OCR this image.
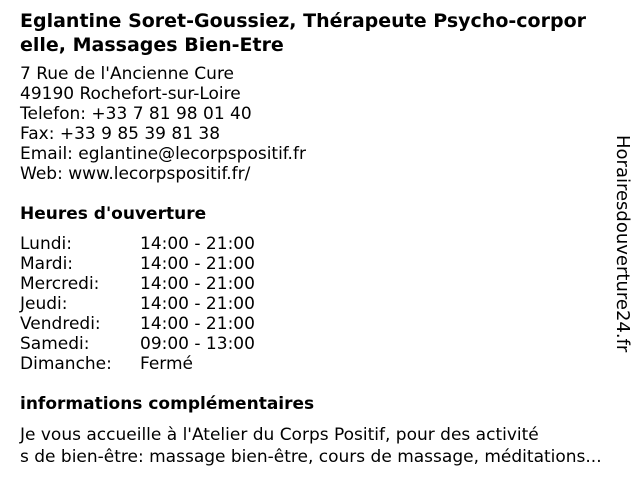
Eglantine Soret-Goussiez, Thérapeute Psycho-corpor
elle, Massages Bien-Etre
7 Rue de l'Ancienne Cure
49190 Rochefort-sur-Loire
Telefon: +33 7 81 98 01 40
Fax: +33 9 85 39 81 38
Email: eglantine@lecorpspositif.fr
Web: www.lecorpspositif.fr/
Heures d'ouverture
Lundi:	14:00 - 21:00
Mardi:	14:00 - 21:00
Mercredi:	14:00 - 21:00
Jeudi:	14:00 - 21:00
Vendredi:	14:00 - 21:00
Samedi:	09:00 - 13:00
Dimanche:	Fermé
informations complémentaires
Je vous accueille à l'Atelier du Corps Positif, pour des activité
s de bien-être: massage bien-être, cours de massage, méditations...
Horairesdouverture24.fr
